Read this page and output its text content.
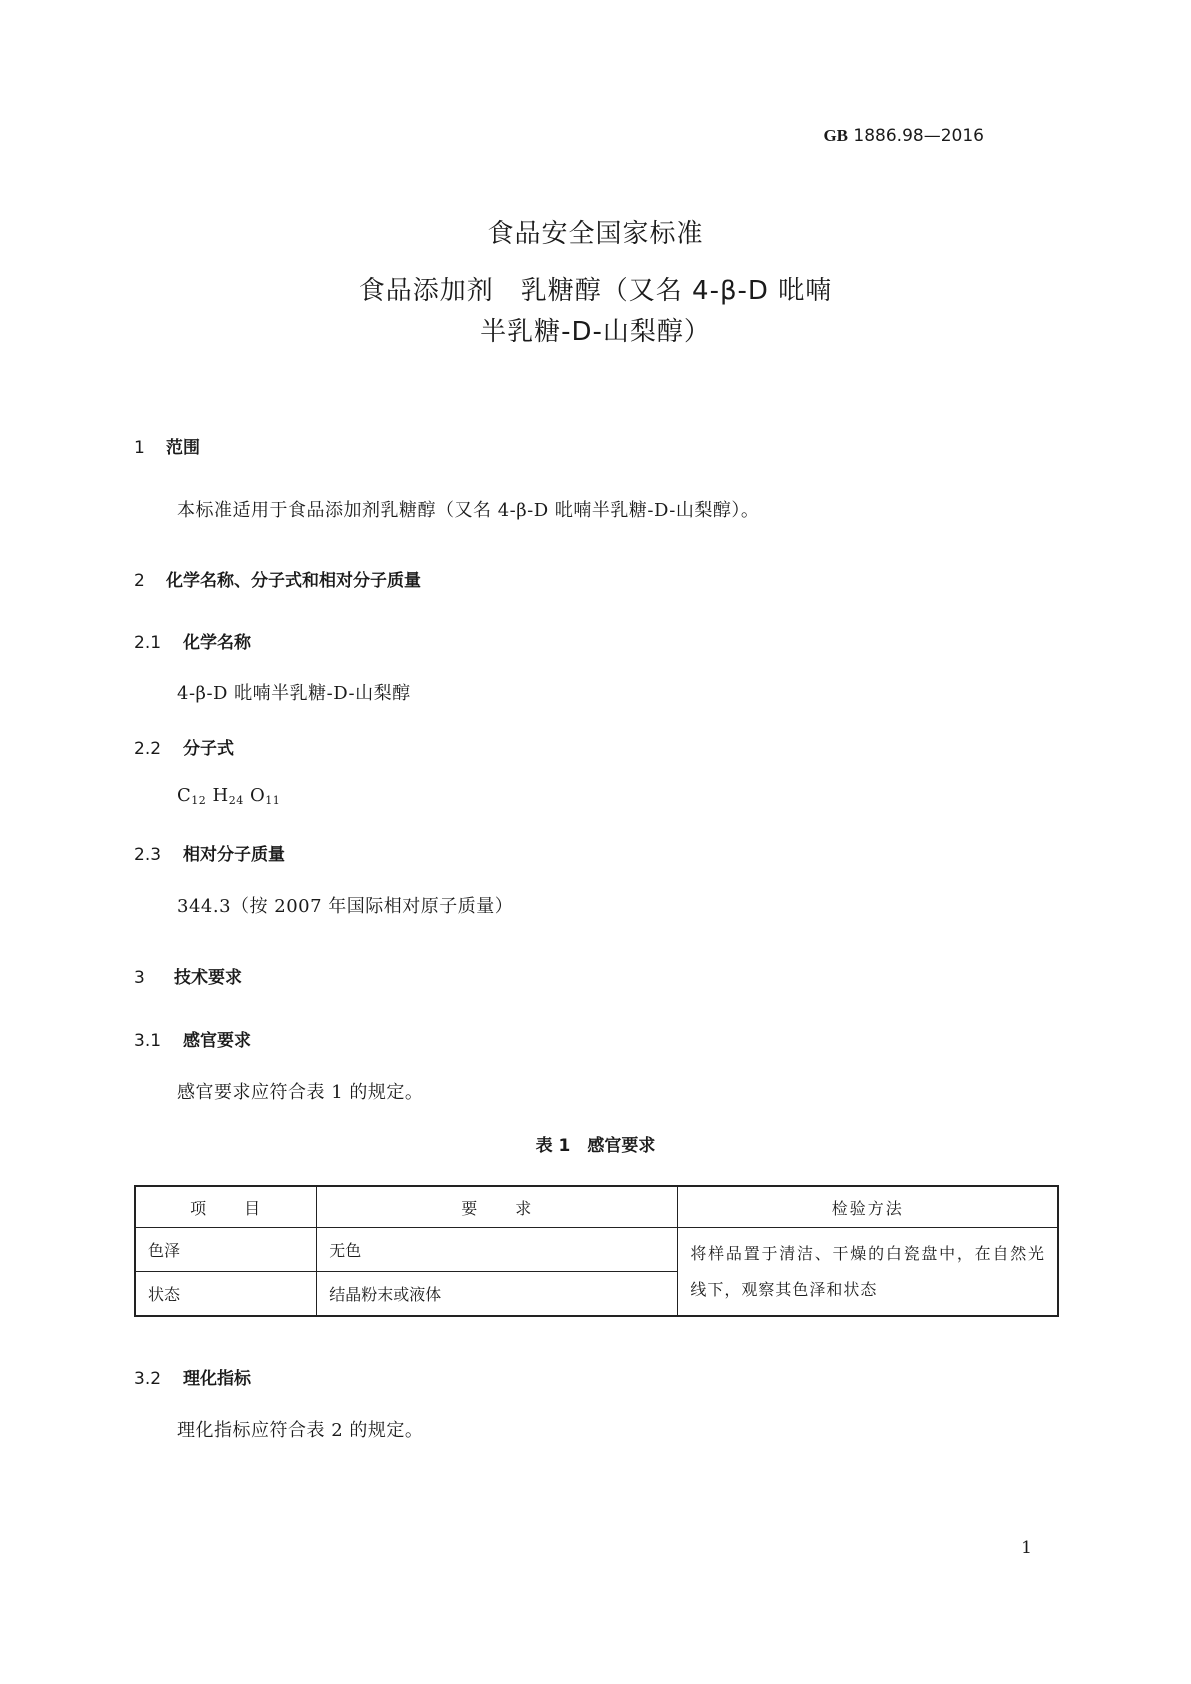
GB 1886.98—2016
食品安全国家标准
食品添加剂　乳糖醇（又名 4-β-D 吡喃
半乳糖-D-山梨醇）
1 范围
本标准适用于食品添加剂乳糖醇（又名 4-β-D 吡喃半乳糖-D-山梨醇）。
2 化学名称、分子式和相对分子质量
2.1 化学名称
4-β-D 吡喃半乳糖-D-山梨醇
2.2 分子式
$C_{12}$ $H_{24}$ $O_{11}$
2.3 相对分子质量
344.3（按 2007 年国际相对原子质量）
3 技术要求
3.1 感官要求
感官要求应符合表 1 的规定。
表 1　感官要求
项　　目	要　　求	检验方法
色泽	无色	将样品置于清洁、干燥的白瓷盘中，在自然光线下，观察其色泽和状态
状态	结晶粉末或液体	
3.2 理化指标
理化指标应符合表 2 的规定。
1
